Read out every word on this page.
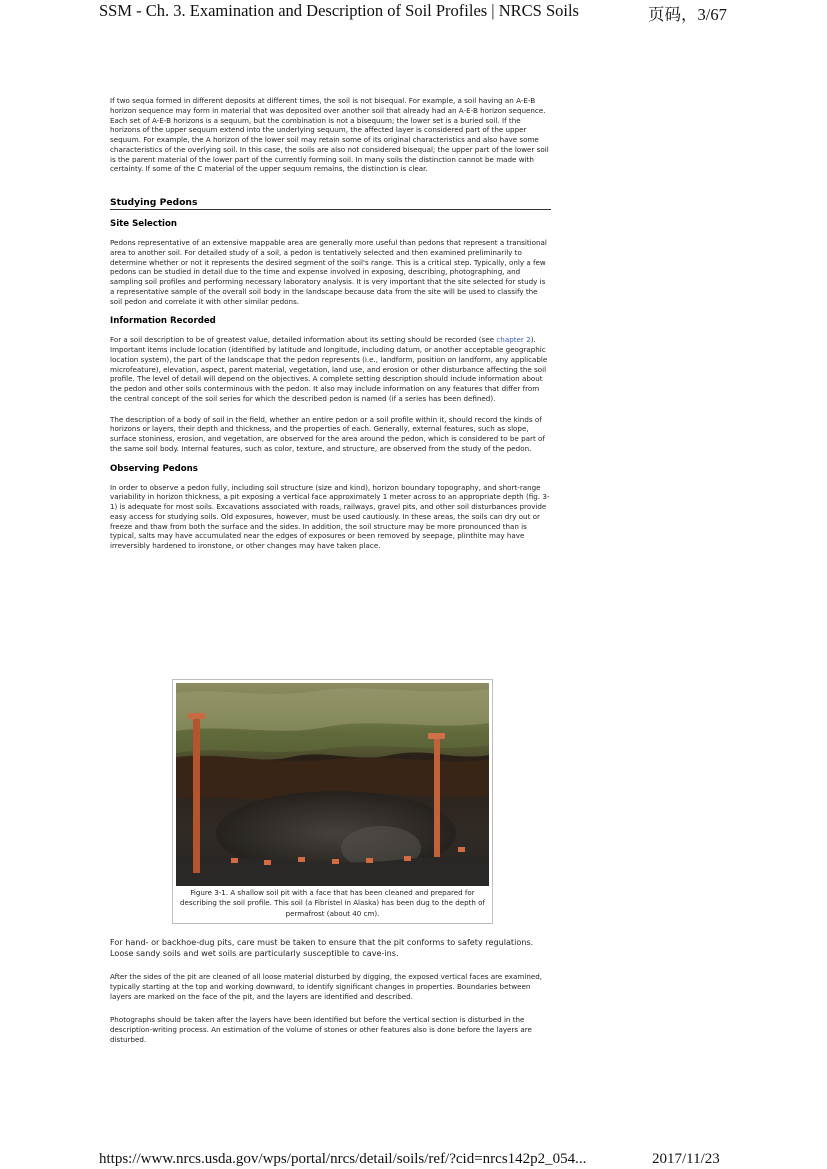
SSM - Ch. 3. Examination and Description of Soil Profiles | NRCS Soils	页码，3/67

If two sequa formed in different deposits at different times, the soil is not bisequal. For example, a soil having an A-E-B horizon sequence may form in material that was deposited over another soil that already had an A-E-B horizon sequence. Each set of A-E-B horizons is a sequum, but the combination is not a bisequum; the lower set is a buried soil. If the horizons of the upper sequum extend into the underlying sequum, the affected layer is considered part of the upper sequum. For example, the A horizon of the lower soil may retain some of its original characteristics and also have some characteristics of the overlying soil. In this case, the soils are also not considered bisequal; the upper part of the lower soil is the parent material of the lower part of the currently forming soil. In many soils the distinction cannot be made with certainty. If some of the C material of the upper sequum remains, the distinction is clear.

Studying Pedons
Site Selection

Pedons representative of an extensive mappable area are generally more useful than pedons that represent a transitional area to another soil. For detailed study of a soil, a pedon is tentatively selected and then examined preliminarily to determine whether or not it represents the desired segment of the soil's range. This is a critical step. Typically, only a few pedons can be studied in detail due to the time and expense involved in exposing, describing, photographing, and sampling soil profiles and performing necessary laboratory analysis. It is very important that the site selected for study is a representative sample of the overall soil body in the landscape because data from the site will be used to classify the soil pedon and correlate it with other similar pedons.

Information Recorded

For a soil description to be of greatest value, detailed information about its setting should be recorded (see chapter 2). Important items include location (identified by latitude and longitude, including datum, or another acceptable geographic location system), the part of the landscape that the pedon represents (i.e., landform, position on landform, any applicable microfeature), elevation, aspect, parent material, vegetation, land use, and erosion or other disturbance affecting the soil profile. The level of detail will depend on the objectives. A complete setting description should include information about the pedon and other soils conterminous with the pedon. It also may include information on any features that differ from the central concept of the soil series for which the described pedon is named (if a series has been defined).

The description of a body of soil in the field, whether an entire pedon or a soil profile within it, should record the kinds of horizons or layers, their depth and thickness, and the properties of each. Generally, external features, such as slope, surface stoniness, erosion, and vegetation, are observed for the area around the pedon, which is considered to be part of the same soil body. Internal features, such as color, texture, and structure, are observed from the study of the pedon.

Observing Pedons

In order to observe a pedon fully, including soil structure (size and kind), horizon boundary topography, and short-range variability in horizon thickness, a pit exposing a vertical face approximately 1 meter across to an appropriate depth (fig. 3-1) is adequate for most soils. Excavations associated with roads, railways, gravel pits, and other soil disturbances provide easy access for studying soils. Old exposures, however, must be used cautiously. In these areas, the soils can dry out or freeze and thaw from both the surface and the sides. In addition, the soil structure may be more pronounced than is typical, salts may have accumulated near the edges of exposures or been removed by seepage, plinthite may have irreversibly hardened to ironstone, or other changes may have taken place.

Figure 3-1. A shallow soil pit with a face that has been cleaned and prepared for describing the soil profile. This soil (a Fibristel in Alaska) has been dug to the depth of permafrost (about 40 cm).

For hand- or backhoe-dug pits, care must be taken to ensure that the pit conforms to safety regulations. Loose sandy soils and wet soils are particularly susceptible to cave-ins.

After the sides of the pit are cleaned of all loose material disturbed by digging, the exposed vertical faces are examined, typically starting at the top and working downward, to identify significant changes in properties. Boundaries between layers are marked on the face of the pit, and the layers are identified and described.

Photographs should be taken after the layers have been identified but before the vertical section is disturbed in the description-writing process. An estimation of the volume of stones or other features also is done before the layers are disturbed.

https://www.nrcs.usda.gov/wps/portal/nrcs/detail/soils/ref/?cid=nrcs142p2_054...	2017/11/23
